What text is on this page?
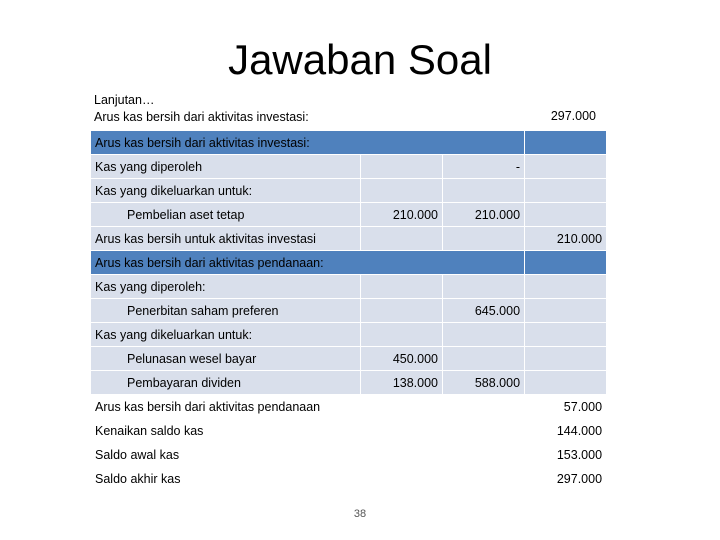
Jawaban Soal
Lanjutan…
Arus kas bersih dari aktivitas investasi:	297.000
Arus kas bersih dari aktivitas investasi:			
Kas yang diperoleh		-	
Kas yang dikeluarkan untuk:			
Pembelian aset tetap	210.000	210.000	
Arus kas bersih untuk aktivitas investasi			210.000
Arus kas bersih dari aktivitas pendanaan:			
Kas yang diperoleh:			
Penerbitan saham preferen		645.000	
Kas yang dikeluarkan untuk:			
Pelunasan wesel bayar	450.000		
Pembayaran dividen	138.000	588.000	
Arus kas bersih dari aktivitas pendanaan			57.000
Kenaikan saldo kas			144.000
Saldo awal kas			153.000
Saldo akhir kas			297.000
38
